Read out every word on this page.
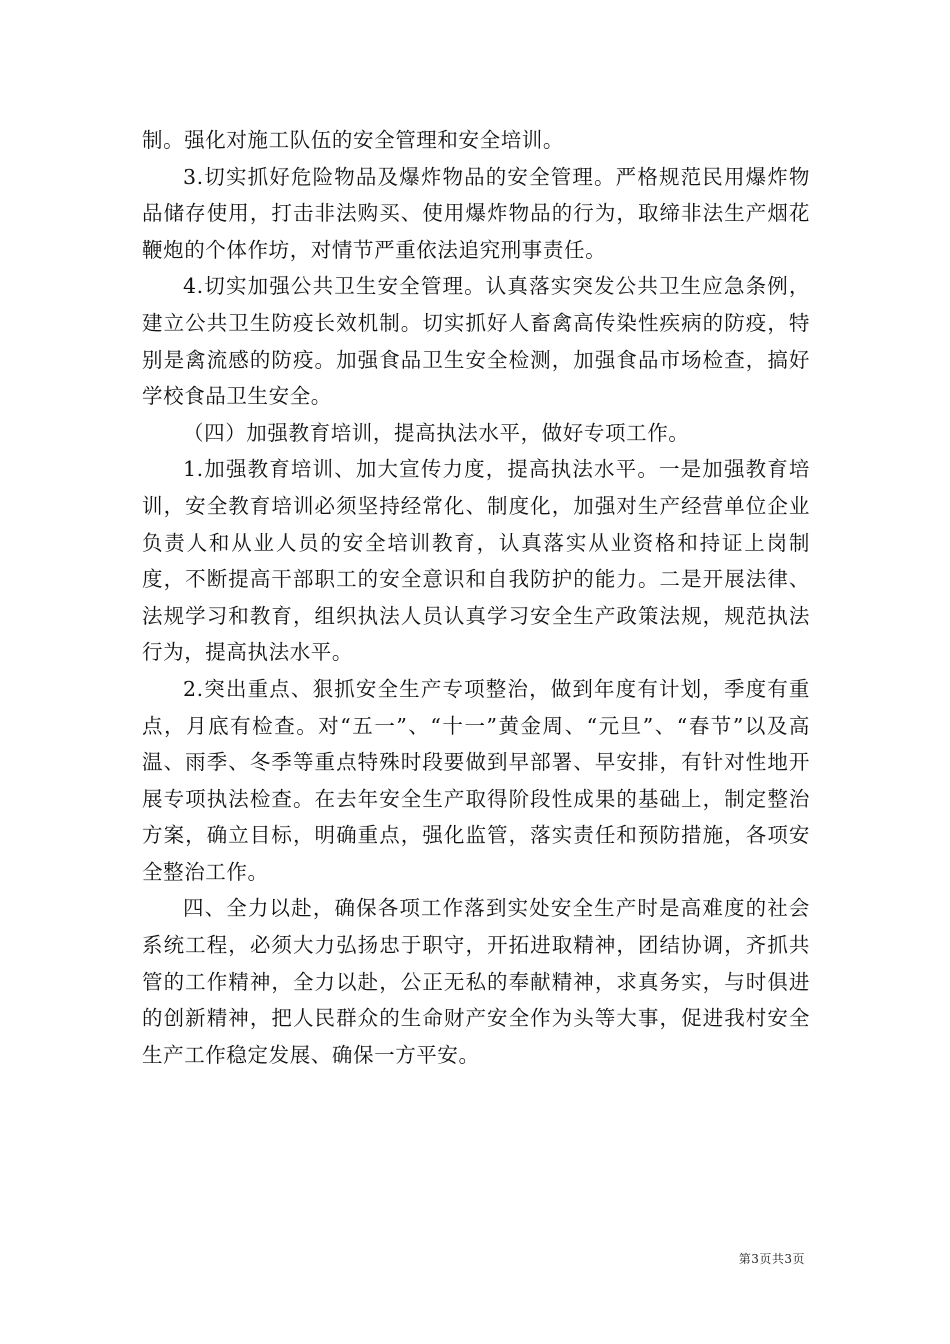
制。强化对施工队伍的安全管理和安全培训。

3.切实抓好危险物品及爆炸物品的安全管理。严格规范民用爆炸物品储存使用，打击非法购买、使用爆炸物品的行为，取缔非法生产烟花鞭炮的个体作坊，对情节严重依法追究刑事责任。

4.切实加强公共卫生安全管理。认真落实突发公共卫生应急条例，建立公共卫生防疫长效机制。切实抓好人畜禽高传染性疾病的防疫，特别是禽流感的防疫。加强食品卫生安全检测，加强食品市场检查，搞好学校食品卫生安全。

（四）加强教育培训，提高执法水平，做好专项工作。

1.加强教育培训、加大宣传力度，提高执法水平。一是加强教育培训，安全教育培训必须坚持经常化、制度化，加强对生产经营单位企业负责人和从业人员的安全培训教育，认真落实从业资格和持证上岗制度，不断提高干部职工的安全意识和自我防护的能力。二是开展法律、法规学习和教育，组织执法人员认真学习安全生产政策法规，规范执法行为，提高执法水平。

2.突出重点、狠抓安全生产专项整治，做到年度有计划，季度有重点，月底有检查。对“五一”、“十一”黄金周、“元旦”、“春节”以及高温、雨季、冬季等重点特殊时段要做到早部署、早安排，有针对性地开展专项执法检查。在去年安全生产取得阶段性成果的基础上，制定整治方案，确立目标，明确重点，强化监管，落实责任和预防措施，各项安全整治工作。

四、全力以赴，确保各项工作落到实处安全生产时是高难度的社会系统工程，必须大力弘扬忠于职守，开拓进取精神，团结协调，齐抓共管的工作精神，全力以赴，公正无私的奉献精神，求真务实，与时俱进的创新精神，把人民群众的生命财产安全作为头等大事，促进我村安全生产工作稳定发展、确保一方平安。

第3页共3页
